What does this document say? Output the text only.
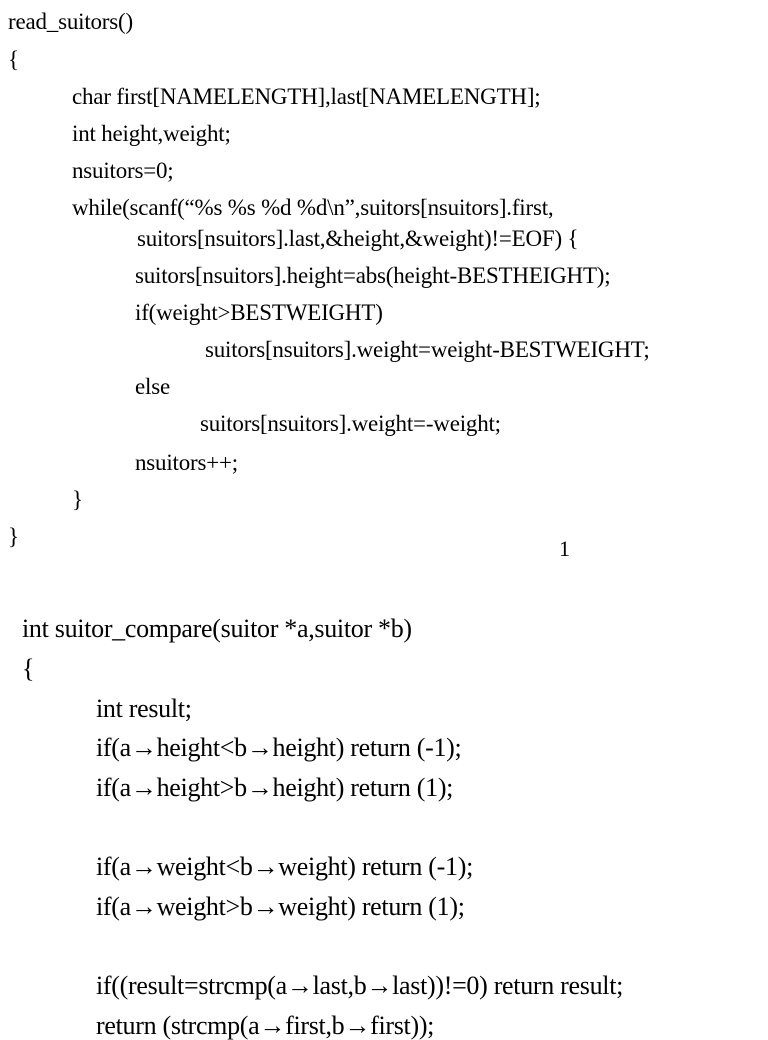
read_suitors()
{
char first[NAMELENGTH],last[NAMELENGTH];
int height,weight;
nsuitors=0;
while(scanf(“%s %s %d %d\n”,suitors[nsuitors].first,
suitors[nsuitors].last,&height,&weight)!=EOF) {
suitors[nsuitors].height=abs(height-BESTHEIGHT);
if(weight>BESTWEIGHT)
suitors[nsuitors].weight=weight-BESTWEIGHT;
else
suitors[nsuitors].weight=-weight;
nsuitors++;
}
}	1
int suitor_compare(suitor *a,suitor *b)
{
int result;
if(a→height<b→height) return (-1);
if(a→height>b→height) return (1);
if(a→weight<b→weight) return (-1);
if(a→weight>b→weight) return (1);
if((result=strcmp(a→last,b→last))!=0) return result;
return (strcmp(a→first,b→first));
